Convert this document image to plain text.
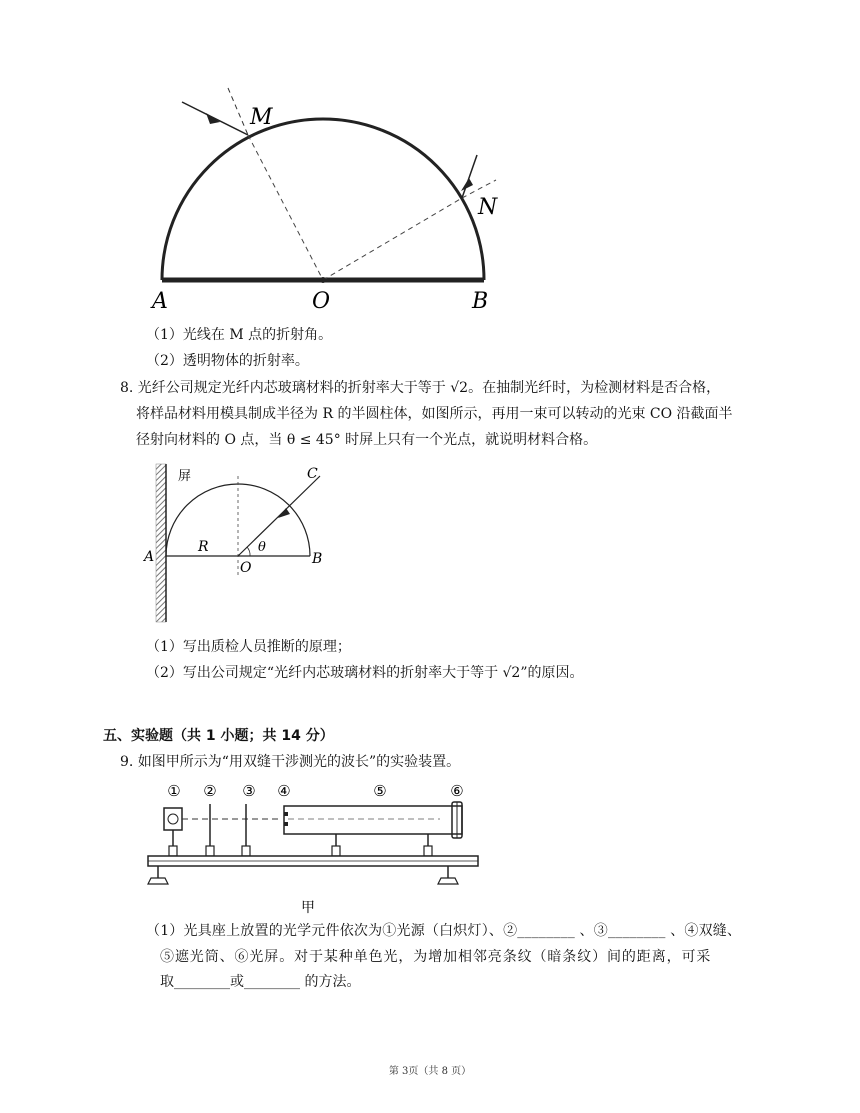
M
N
A	O	B
（1）光线在 M 点的折射角。
（2）透明物体的折射率。
8. 光纤公司规定光纤内芯玻璃材料的折射率大于等于 √2。在抽制光纤时，为检测材料是否合格，
将样品材料用模具制成半径为 R 的半圆柱体，如图所示，再用一束可以转动的光束 CO 沿截面半
径射向材料的 O 点，当 θ ≤ 45° 时屏上只有一个光点，就说明材料合格。
屏	C
A
R	θ
O
B
（1）写出质检人员推断的原理；
（2）写出公司规定“光纤内芯玻璃材料的折射率大于等于 √2”的原因。
五、实验题（共 1 小题；共 14 分）
9. 如图甲所示为“用双缝干涉测光的波长”的实验装置。
① ② ③ ④	⑤	⑥
甲
（1）光具座上放置的光学元件依次为①光源（白炽灯）、②________ 、③________ 、④双缝、
⑤遮光筒、⑥光屏。对于某种单色光，为增加相邻亮条纹（暗条纹）间的距离，可采
取________或________ 的方法。
第 3页（共 8 页）
